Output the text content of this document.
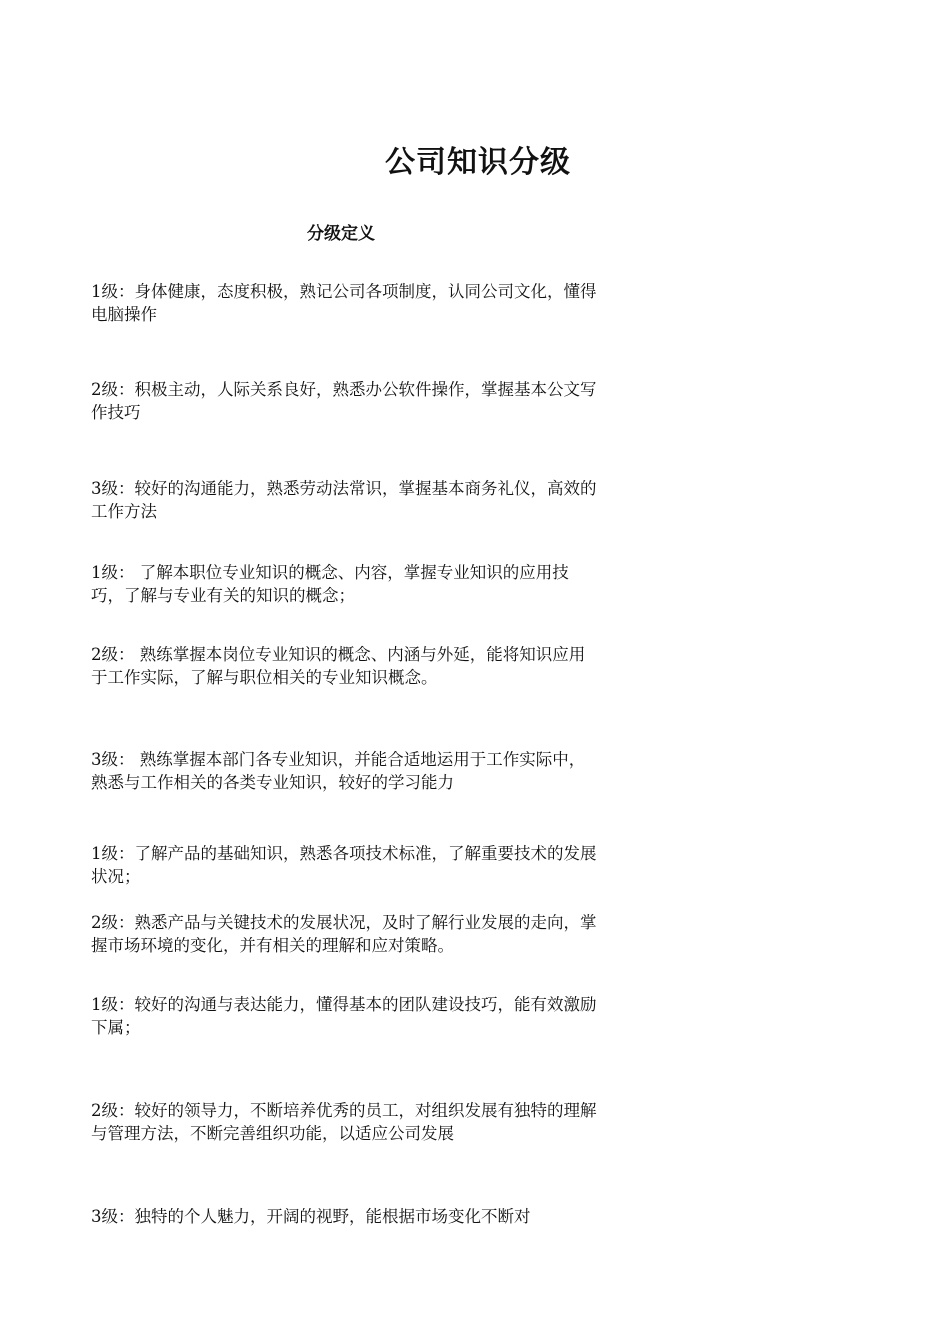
公司知识分级
分级定义
1级：身体健康，态度积极，熟记公司各项制度，认同公司文化，懂得电脑操作
2级：积极主动，人际关系良好，熟悉办公软件操作，掌握基本公文写作技巧
3级：较好的沟通能力，熟悉劳动法常识，掌握基本商务礼仪，高效的工作方法
1级： 了解本职位专业知识的概念、内容，掌握专业知识的应用技巧，了解与专业有关的知识的概念；
2级： 熟练掌握本岗位专业知识的概念、内涵与外延，能将知识应用于工作实际，了解与职位相关的专业知识概念。
3级： 熟练掌握本部门各专业知识，并能合适地运用于工作实际中，熟悉与工作相关的各类专业知识，较好的学习能力
1级：了解产品的基础知识，熟悉各项技术标准，了解重要技术的发展状况；
2级：熟悉产品与关键技术的发展状况，及时了解行业发展的走向，掌握市场环境的变化，并有相关的理解和应对策略。
1级：较好的沟通与表达能力，懂得基本的团队建设技巧，能有效激励下属；
2级：较好的领导力，不断培养优秀的员工，对组织发展有独特的理解与管理方法，不断完善组织功能，以适应公司发展
3级：独特的个人魅力，开阔的视野，能根据市场变化不断对
